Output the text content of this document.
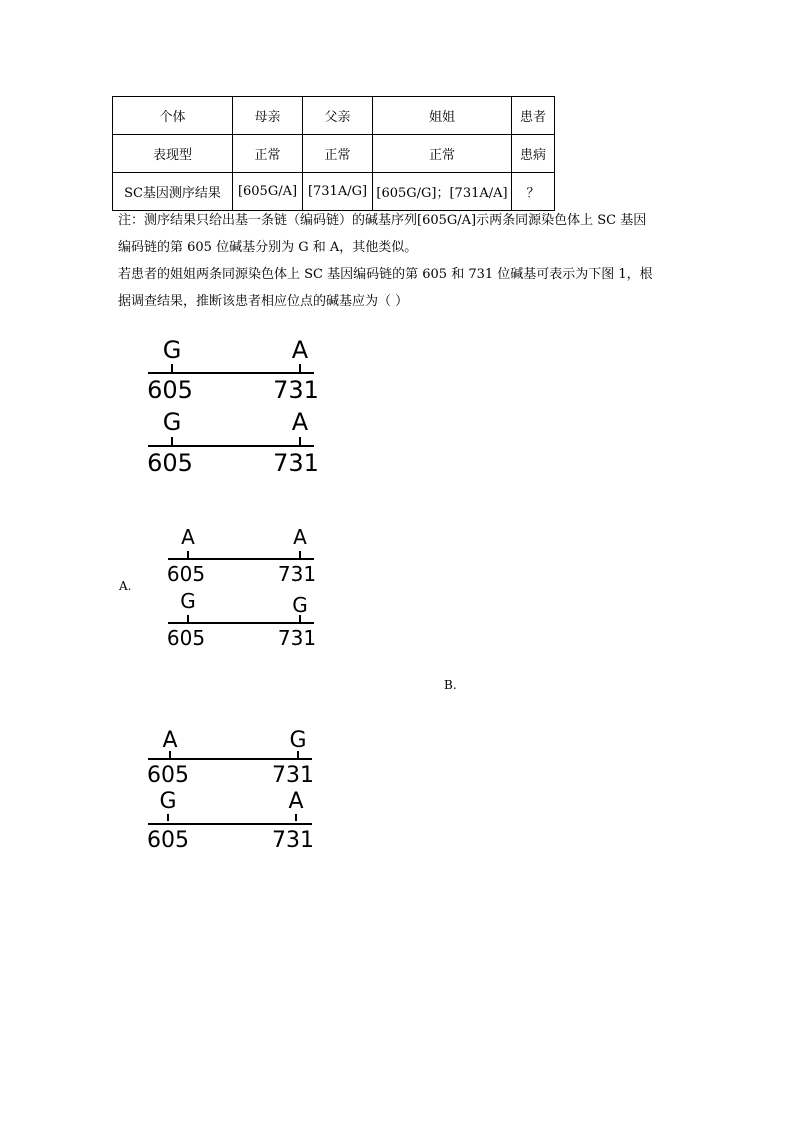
个体	母亲	父亲	姐姐	患者
表现型	正常	正常	正常	患病
SC基因测序结果	[605G/A]	[731A/G]	[605G/G]；[731A/A]	？
注：测序结果只给出基一条链（编码链）的碱基序列[605G/A]示两条同源染色体上 SC 基因
编码链的第 605 位碱基分别为 G 和 A，其他类似。
若患者的姐姐两条同源染色体上 SC 基因编码链的第 605 和 731 位碱基可表示为下图 1，根
据调查结果，推断该患者相应位点的碱基应为（ ）
G	A
605	731
G	A
605	731
A.
A	A
605	731
G	G
605	731
B.
A	G
605	731
G	A
605	731
